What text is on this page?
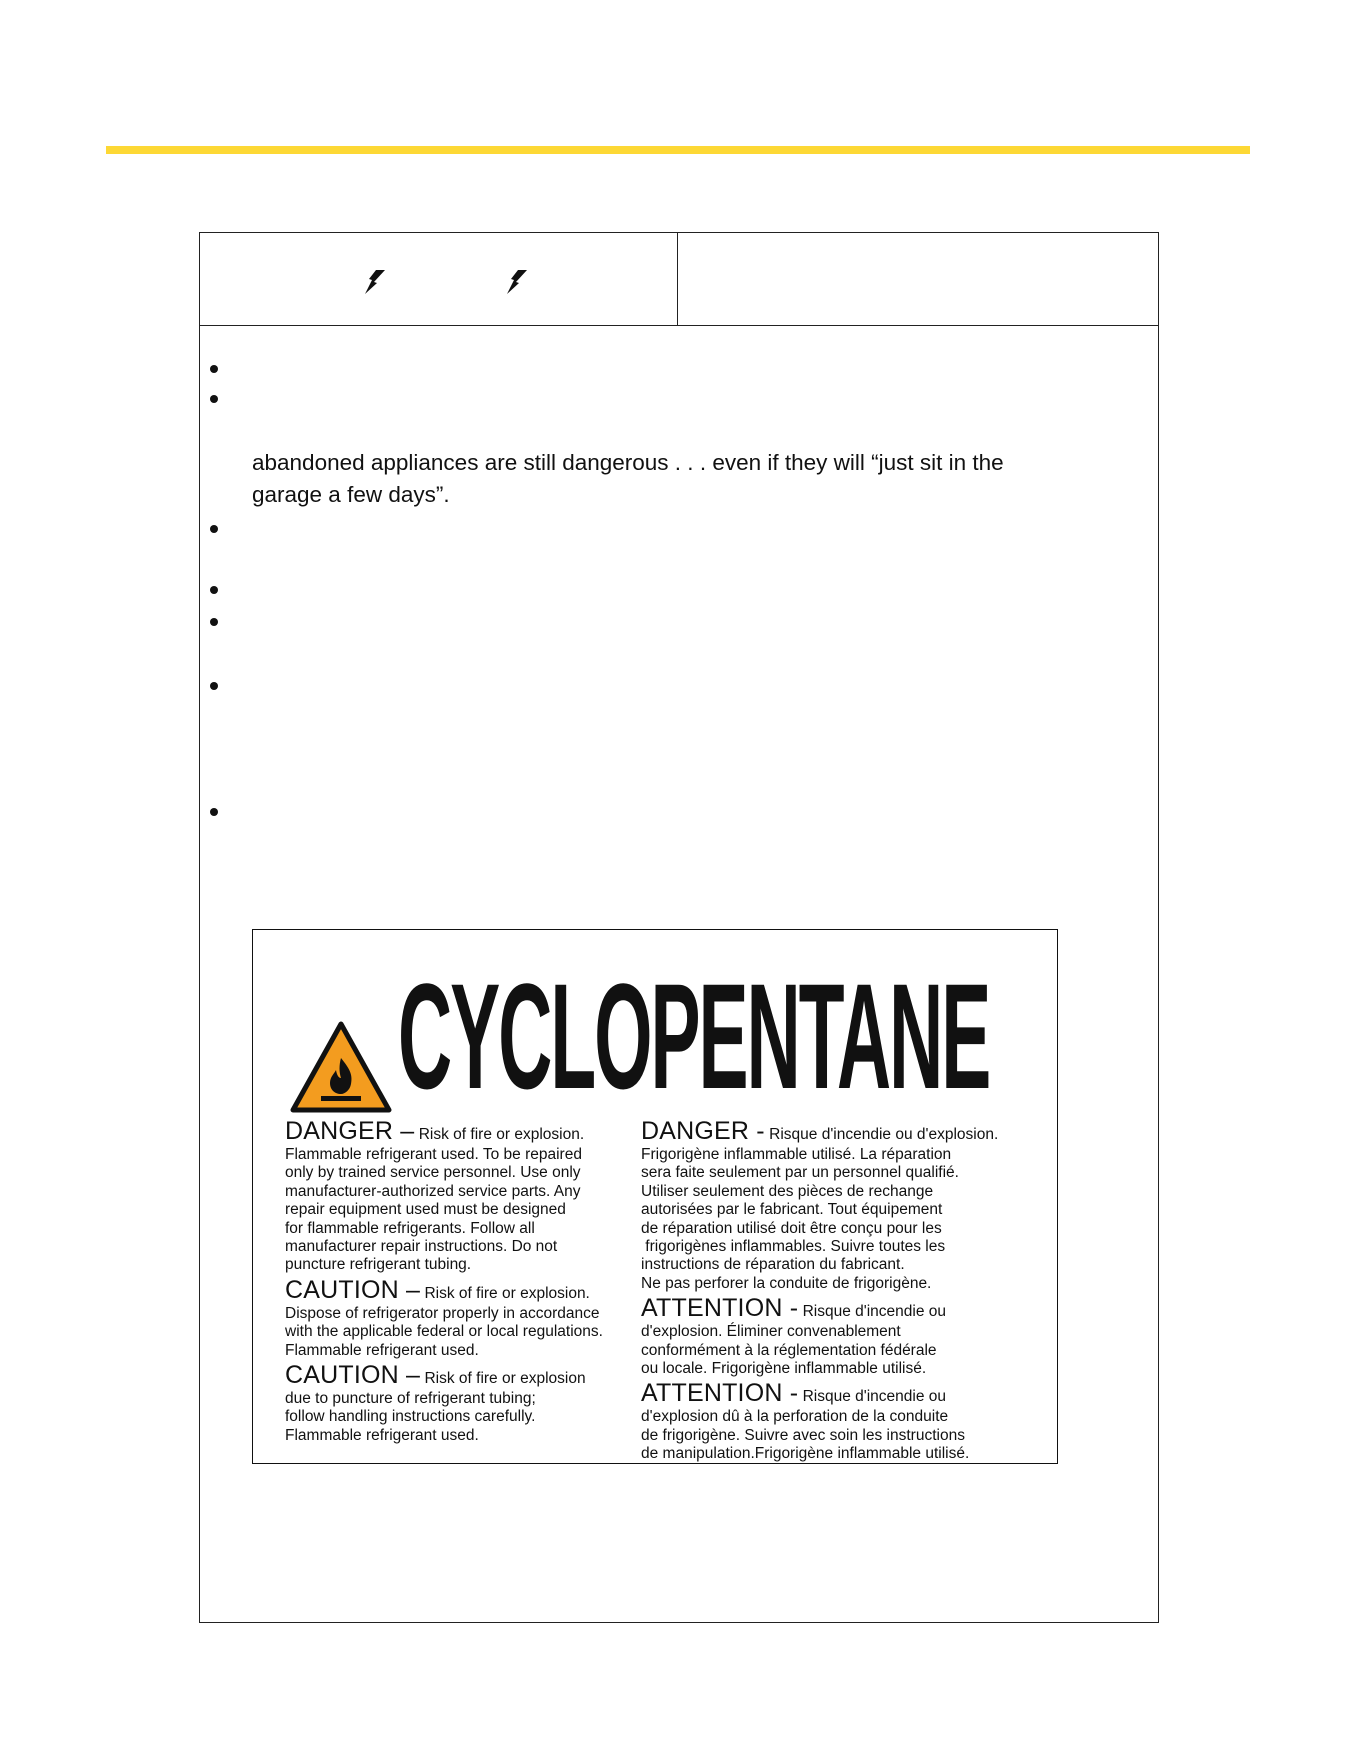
abandoned appliances are still dangerous . . . even if they will “just sit in the
garage a few days”.
CYCLOPENTANE

DANGER – Risk of fire or explosion.

Flammable refrigerant used. To be repaired

only by trained service personnel. Use only

manufacturer-authorized service parts. Any

repair equipment used must be designed

for flammable refrigerants. Follow all

manufacturer repair instructions. Do not

puncture refrigerant tubing.

CAUTION – Risk of fire or explosion.

Dispose of refrigerator properly in accordance

with the applicable federal or local regulations.

Flammable refrigerant used.

CAUTION – Risk of fire or explosion

due to puncture of refrigerant tubing;

follow handling instructions carefully.

Flammable refrigerant used.

DANGER - Risque d'incendie ou d'explosion.

Frigorigène inflammable utilisé. La réparation

sera faite seulement par un personnel qualifié.

Utiliser seulement des pièces de rechange

autorisées par le fabricant. Tout équipement

de réparation utilisé doit être conçu pour les

frigorigènes inflammables. Suivre toutes les

instructions de réparation du fabricant.

Ne pas perforer la conduite de frigorigène.

ATTENTION - Risque d'incendie ou

d'explosion. Éliminer convenablement

conformément à la réglementation fédérale

ou locale. Frigorigène inflammable utilisé.

ATTENTION - Risque d'incendie ou

d'explosion dû à la perforation de la conduite

de frigorigène. Suivre avec soin les instructions

de manipulation.Frigorigène inflammable utilisé.
